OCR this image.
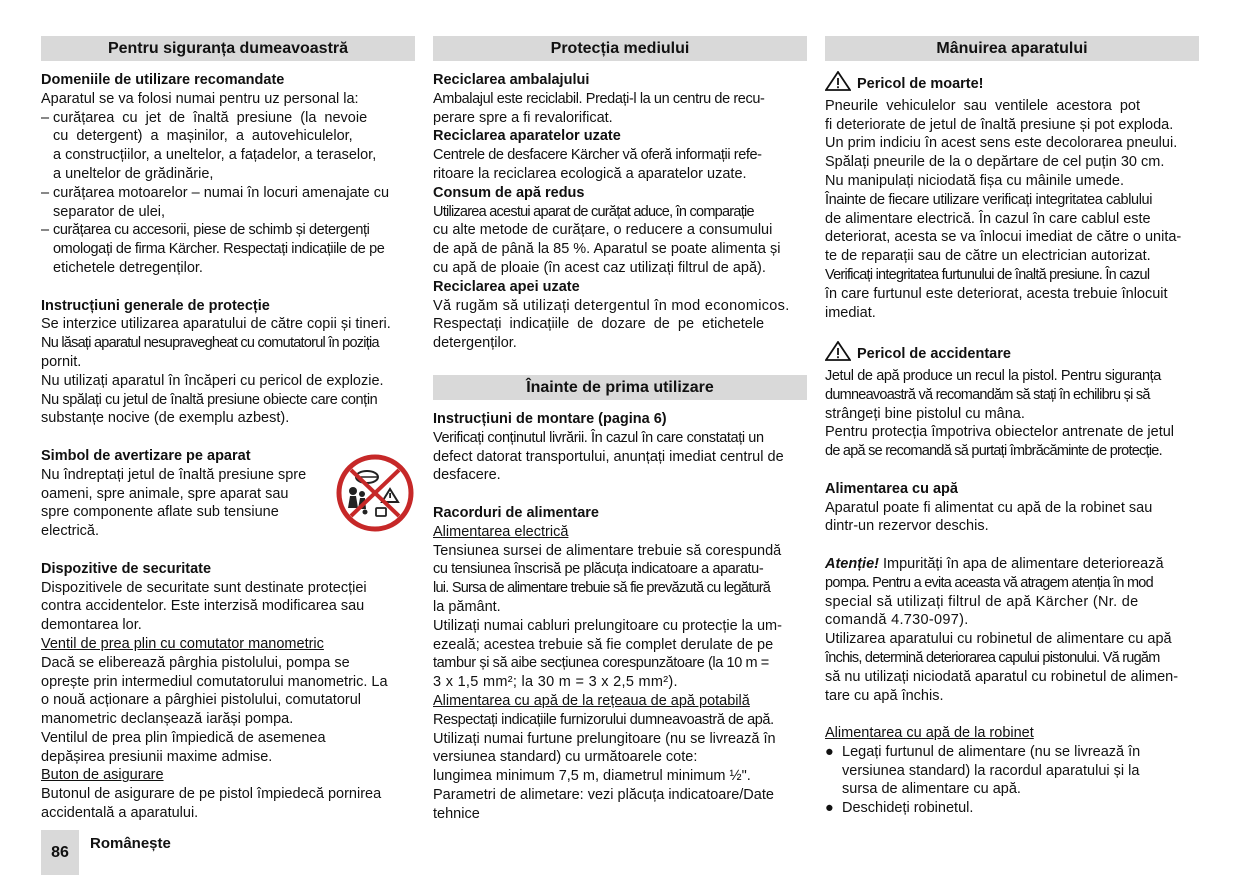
Pentru siguranța dumeavoastră

Domeniile de utilizare recomandate

Aparatul se va folosi numai pentru uz personal la:

– curățarea cu jet de înaltă presiune (la nevoie

cu detergent) a mașinilor, a autovehiculelor,

a construcțiilor, a uneltelor, a fațadelor, a teraselor,

a uneltelor de grădinărie,

– curățarea motoarelor – numai în locuri amenajate cu

separator de ulei,

– curățarea cu accesorii, piese de schimb și detergenți

omologați de firma Kärcher. Respectați indicațiile de pe

etichetele detregenților.

Instrucțiuni generale de protecție

Se interzice utilizarea aparatului de către copii și tineri.

Nu lăsați aparatul nesupravegheat cu comutatorul în poziția

pornit.

Nu utilizați aparatul în încăperi cu pericol de explozie.

Nu spălați cu jetul de înaltă presiune obiecte care conțin

substanțe nocive (de exemplu azbest).

Simbol de avertizare pe aparat

Nu îndreptați jetul de înaltă presiune spre

oameni, spre animale, spre aparat sau

spre componente aflate sub tensiune

electrică.

Dispozitive de securitate

Dispozitivele de securitate sunt destinate protecției

contra accidentelor. Este interzisă modificarea sau

demontarea lor.

Ventil de prea plin cu comutator manometric

Dacă se eliberează pârghia pistolului, pompa se

oprește prin intermediul comutatorului manometric. La

o nouă acționare a pârghiei pistolului, comutatorul

manometric declanșează iarăși pompa.

Ventilul de prea plin împiedică de asemenea

depășirea presiunii maxime admise.

Buton de asigurare

Butonul de asigurare de pe pistol împiedecă pornirea

accidentală a aparatului.

Protecția mediului

Reciclarea ambalajului

Ambalajul este reciclabil. Predați-l la un centru de recu-

perare spre a fi revalorificat.

Reciclarea aparatelor uzate

Centrele de desfacere Kärcher vă oferă informații refe-

ritoare la reciclarea ecologică a aparatelor uzate.

Consum de apă redus

Utilizarea acestui aparat de curățat aduce, în comparație

cu alte metode de curățare, o reducere a consumului

de apă de până la 85 %. Aparatul se poate alimenta și

cu apă de ploaie (în acest caz utilizați filtrul de apă).

Reciclarea apei uzate

Vă rugăm să utilizați detergentul în mod economicos.

Respectați indicațiile de dozare de pe etichetele

detergenților.

Înainte de prima utilizare

Instrucțiuni de montare (pagina 6)

Verificați conținutul livrării. În cazul în care constatați un

defect datorat transportului, anunțați imediat centrul de

desfacere.

Racorduri de alimentare

Alimentarea electrică

Tensiunea sursei de alimentare trebuie să corespundă

cu tensiunea înscrisă pe plăcuța indicatoare a aparatu-

lui. Sursa de alimentare trebuie să fie prevăzută cu legătură

la pământ.

Utilizați numai cabluri prelungitoare cu protecție la um-

ezeală; acestea trebuie să fie complet derulate de pe

tambur și să aibe secțiunea corespunzătoare (la 10 m =

3 x 1,5 mm²; la 30 m = 3 x 2,5 mm²).

Alimentarea cu apă de la rețeaua de apă potabilă

Respectați indicațiile furnizorului dumneavoastră de apă.

Utilizați numai furtune prelungitoare (nu se livrează în

versiunea standard) cu următoarele cote:

lungimea minimum 7,5 m, diametrul minimum ½".

Parametri de alimetare: vezi plăcuța indicatoare/Date

tehnice

Mânuirea aparatului

Pericol de moarte!

Pneurile vehiculelor sau ventilele acestora pot

fi deteriorate de jetul de înaltă presiune și pot exploda.

Un prim indiciu în acest sens este decolorarea pneului.

Spălați pneurile de la o depărtare de cel puțin 30 cm.

Nu manipulați niciodată fișa cu mâinile umede.

Înainte de fiecare utilizare verificați integritatea cablului

de alimentare electrică. În cazul în care cablul este

deteriorat, acesta se va înlocui imediat de către o unita-

te de reparații sau de către un electrician autorizat.

Verificați integritatea furtunului de înaltă presiune. În cazul

în care furtunul este deteriorat, acesta trebuie înlocuit

imediat.

Pericol de accidentare

Jetul de apă produce un recul la pistol. Pentru siguranța

dumneavoastră vă recomandăm să stați în echilibru și să

strângeți bine pistolul cu mâna.

Pentru protecția împotriva obiectelor antrenate de jetul

de apă se recomandă să purtați îmbrăcăminte de protecție.

Alimentarea cu apă

Aparatul poate fi alimentat cu apă de la robinet sau

dintr-un rezervor deschis.

Atenție! Impurități în apa de alimentare deteriorează

pompa. Pentru a evita aceasta vă atragem atenția în mod

special să utilizați filtrul de apă Kärcher (Nr. de

comandă 4.730-097).

Utilizarea aparatului cu robinetul de alimentare cu apă

închis, determină deteriorarea capului pistonului. Vă rugăm

să nu utilizați niciodată aparatul cu robinetul de alimen-

tare cu apă închis.

Alimentarea cu apă de la robinet

● Legați furtunul de alimentare (nu se livrează în

versiunea standard) la racordul aparatului și la

sursa de alimentare cu apă.

● Deschideți robinetul.

86	Românește
